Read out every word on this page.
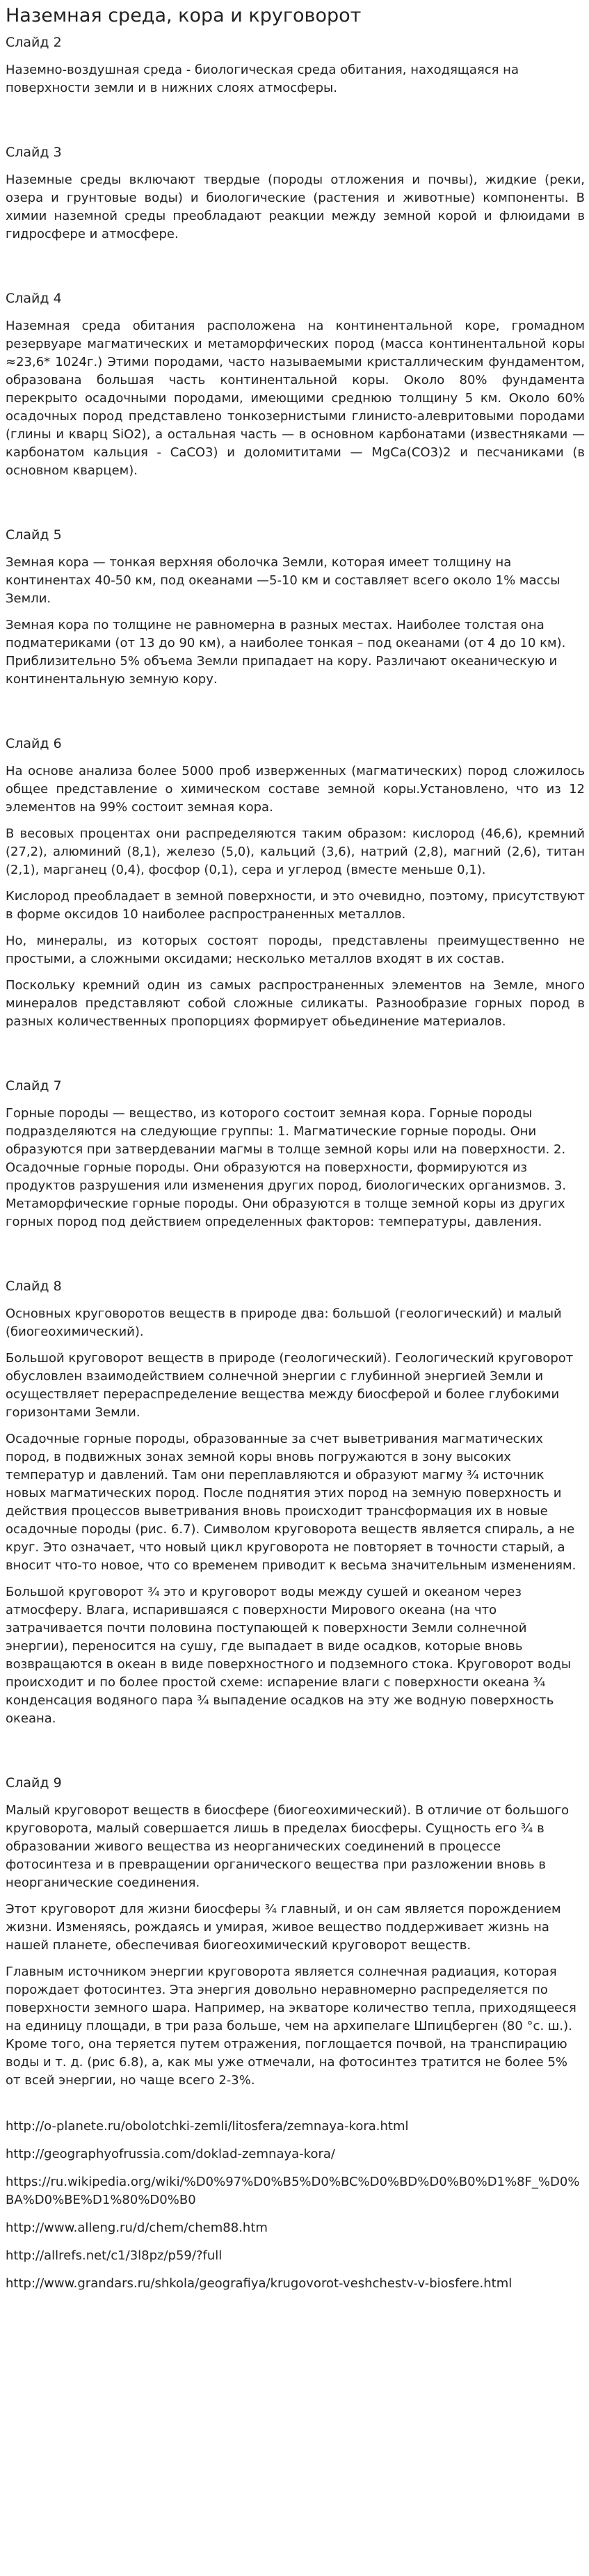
Наземная среда, кора и круговорот
Слайд 2

Наземно-воздушная среда - биологическая среда обитания, находящаяся на поверхности земли и в нижних слоях атмосферы.

Слайд 3

Наземные среды включают твердые (породы отложения и почвы), жидкие (реки, озера и грунтовые воды) и биологические (растения и животные) компоненты. В химии наземной среды преобладают реакции между земной корой и флюидами в гидросфере и атмосфере.

Слайд 4

Наземная среда обитания расположена на континентальной коре, громадном резервуаре магматических и метаморфических пород (масса континентальной коры ≈23,6* 1024г.) Этими породами, часто называемыми кристаллическим фундаментом, образована большая часть континентальной коры. Около 80% фундамента перекрыто осадочными породами, имеющими среднюю толщину 5 км. Около 60% осадочных пород представлено тонкозернистыми глинисто-алевритовыми породами (глины и кварц SiO2), а остальная часть — в основном карбонатами (известняками — карбонатом кальция - CaCO3) и доломититами — MgCa(CO3)2 и песчаниками (в основном кварцем).

Слайд 5

Земная кора — тонкая верхняя оболочка Земли, которая имеет толщину на континентах 40-50 км, под океанами —5-10 км и составляет всего около 1% массы Земли.

Земная кора по толщине не равномерна в разных местах. Наиболее толстая она подматериками (от 13 до 90 км), а наиболее тонкая – под океанами (от 4 до 10 км). Приблизительно 5% объема Земли припадает на кору. Различают океаническую и континентальную земную кору.

Слайд 6

На основе анализа более 5000 проб изверженных (магматических) пород сложилось общее представление о химическом составе земной коры.Установлено, что из 12 элементов на 99% состоит земная кора.

В весовых процентах они распределяются таким образом: кислород (46,6), кремний (27,2), алюминий (8,1), железо (5,0), кальций (3,6), натрий (2,8), магний (2,6), титан (2,1), марганец (0,4), фосфор (0,1), сера и углерод (вместе меньше 0,1).

Кислород преобладает в земной поверхности, и это очевидно, поэтому, присутствуют в форме оксидов 10 наиболее распространенных металлов.

Но, минералы, из которых состоят породы, представлены преимущественно не простыми, а сложными оксидами; несколько металлов входят в их состав.

Поскольку кремний один из самых распространенных элементов на Земле, много минералов представляют собой сложные силикаты. Разнообразие горных пород в разных количественных пропорциях формирует обьединение материалов.

Слайд 7

Горные породы — вещество, из которого состоит земная кора. Горные породы подразделяются на следующие группы: 1. Магматические горные породы. Они образуются при затвердевании магмы в толще земной коры или на поверхности. 2. Осадочные горные породы. Они образуются на поверхности, формируются из продуктов разрушения или изменения других пород, биологических организмов. 3. Метаморфические горные породы. Они образуются в толще земной коры из других горных пород под действием определенных факторов: температуры, давления.

Слайд 8

Основных круговоротов веществ в природе два: большой (геологический) и малый (биогеохимический).

Большой круговорот веществ в природе (геологический). Геологический круговорот обусловлен взаимодействием солнечной энергии с глубинной энергией Земли и осуществляет перераспределение вещества между биосферой и более глубокими горизонтами Земли.

Осадочные горные породы, образованные за счет выветривания магматических пород, в подвижных зонах земной коры вновь погружаются в зону высоких температур и давлений. Там они переплавляются и образуют магму ¾ источник новых магматических пород. После поднятия этих пород на земную поверхность и действия процессов выветривания вновь происходит трансформация их в новые осадочные породы (рис. 6.7). Символом круговорота веществ является спираль, а не круг. Это означает, что новый цикл круговорота не повторяет в точности старый, а вносит что-то новое, что со временем приводит к весьма значительным изменениям.

Большой круговорот ¾ это и круговорот воды между сушей и океаном через атмосферу. Влага, испарившаяся с поверхности Мирового океана (на что затрачивается почти половина поступающей к поверхности Земли солнечной энергии), переносится на сушу, где выпадает в виде осадков, которые вновь возвращаются в океан в виде поверхностного и подземного стока. Круговорот воды происходит и по более простой схеме: испарение влаги с поверхности океана ¾ конденсация водяного пара ¾ выпадение осадков на эту же водную поверхность океана.

Слайд 9

Малый круговорот веществ в биосфере (биогеохимический). В отличие от большого круговорота, малый совершается лишь в пределах биосферы. Сущность его ¾ в образовании живого вещества из неорганических соединений в процессе фотосинтеза и в превращении органического вещества при разложении вновь в неорганические соединения.

Этот круговорот для жизни биосферы ¾ главный, и он сам является порождением жизни. Изменяясь, рождаясь и умирая, живое вещество поддерживает жизнь на нашей планете, обеспечивая биогеохимический круговорот веществ.

Главным источником энергии круговорота является солнечная радиация, которая порождает фотосинтез. Эта энергия довольно неравномерно распределяется по поверхности земного шара. Например, на экваторе количество тепла, приходящееся на единицу площади, в три раза больше, чем на архипелаге Шпицберген (80 °с. ш.). Кроме того, она теряется путем отражения, поглощается почвой, на транспирацию воды и т. д. (рис 6.8), а, как мы уже отмечали, на фотосинтез тратится не более 5% от всей энергии, но чаще всего 2-3%.

http://o-planete.ru/obolotchki-zemli/litosfera/zemnaya-kora.html
http://geographyofrussia.com/doklad-zemnaya-kora/
https://ru.wikipedia.org/wiki/%D0%97%D0%B5%D0%BC%D0%BD%D0%B0%D1%8F_%D0%BA%D0%BE%D1%80%D0%B0
http://www.alleng.ru/d/chem/chem88.htm
http://allrefs.net/c1/3l8pz/p59/?full
http://www.grandars.ru/shkola/geografiya/krugovorot-veshchestv-v-biosfere.html
